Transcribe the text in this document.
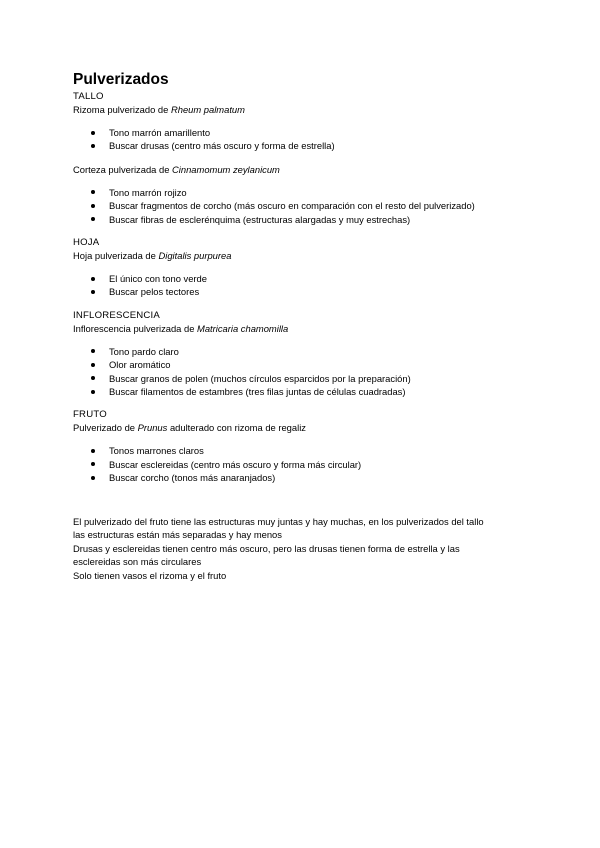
Pulverizados
TALLO
Rizoma pulverizado de Rheum palmatum
Tono marrón amarillento
Buscar drusas (centro más oscuro y forma de estrella)
Corteza pulverizada de Cinnamomum zeylanicum
Tono marrón rojizo
Buscar fragmentos de corcho (más oscuro en comparación con el resto del pulverizado)
Buscar fibras de esclerénquima (estructuras alargadas y muy estrechas)
HOJA
Hoja pulverizada de Digitalis purpurea
El único con tono verde
Buscar pelos tectores
INFLORESCENCIA
Inflorescencia pulverizada de Matricaria chamomilla
Tono pardo claro
Olor aromático
Buscar granos de polen (muchos círculos esparcidos por la preparación)
Buscar filamentos de estambres (tres filas juntas de células cuadradas)
FRUTO
Pulverizado de Prunus adulterado con rizoma de regaliz
Tonos marrones claros
Buscar esclereidas (centro más oscuro y forma más circular)
Buscar corcho (tonos más anaranjados)

El pulverizado del fruto tiene las estructuras muy juntas y hay muchas, en los pulverizados del tallo

las estructuras están más separadas y hay menos

Drusas y esclereidas tienen centro más oscuro, pero las drusas tienen forma de estrella y las

esclereidas son más circulares

Solo tienen vasos el rizoma y el fruto
